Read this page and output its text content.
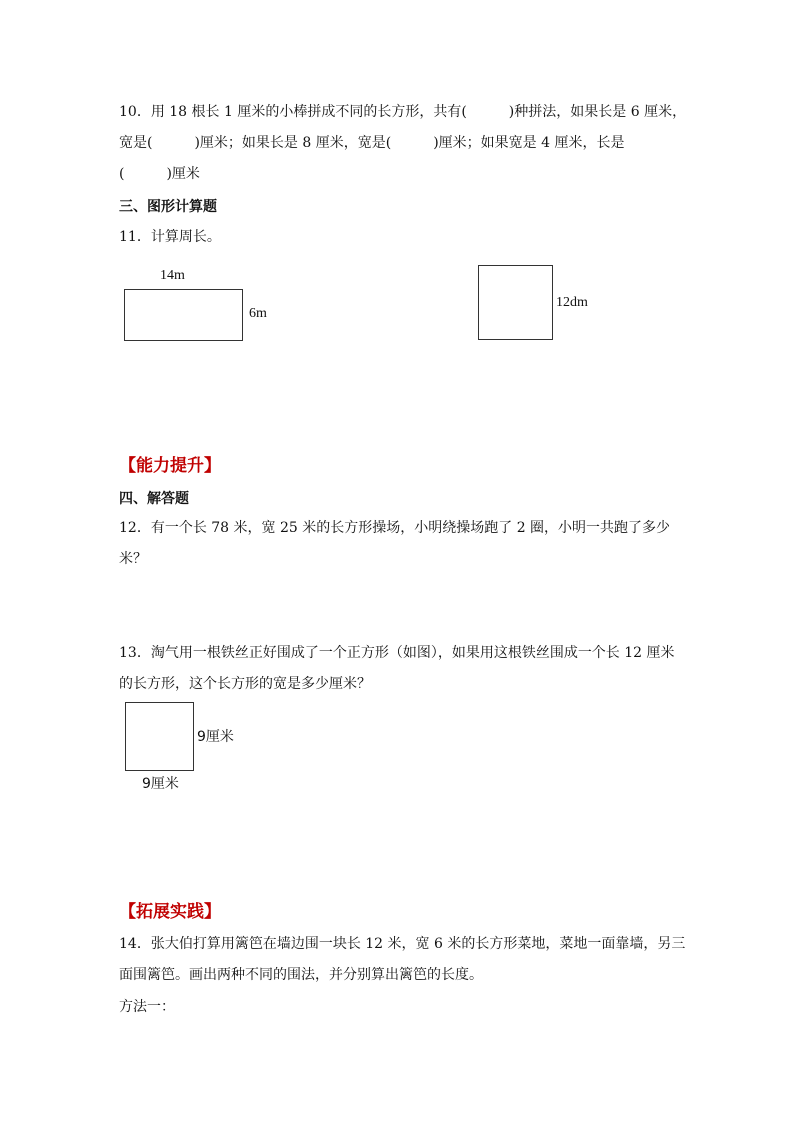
10．用 18 根长 1 厘米的小棒拼成不同的长方形，共有(　　　)种拼法，如果长是 6 厘米，

宽是(　　　)厘米；如果长是 8 厘米，宽是(　　　)厘米；如果宽是 4 厘米，长是

(　　　)厘米

三、图形计算题

11．计算周长。

14m
6m
12dm

【能力提升】

四、解答题

12．有一个长 78 米，宽 25 米的长方形操场，小明绕操场跑了 2 圈，小明一共跑了多少

米？

13．淘气用一根铁丝正好围成了一个正方形（如图），如果用这根铁丝围成一个长 12 厘米

的长方形，这个长方形的宽是多少厘米？

9厘米
9厘米

【拓展实践】

14．张大伯打算用篱笆在墙边围一块长 12 米，宽 6 米的长方形菜地，菜地一面靠墙，另三

面围篱笆。画出两种不同的围法，并分别算出篱笆的长度。

方法一：
